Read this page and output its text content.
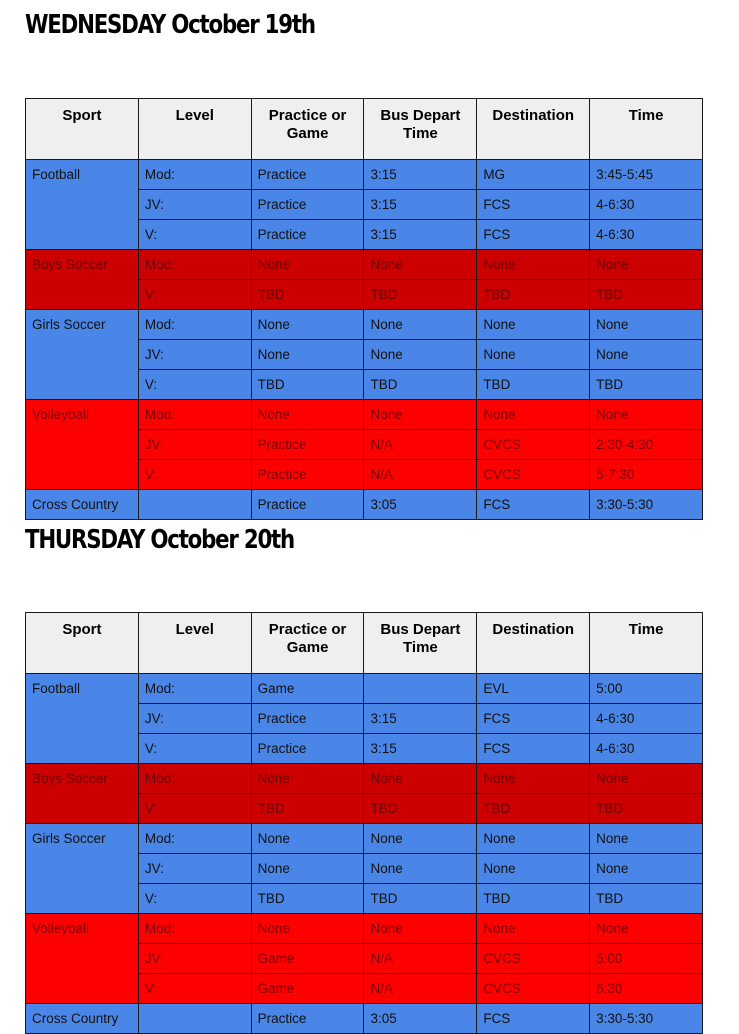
WEDNESDAY October 19th
Sport	Level	Practice or Game	Bus Depart Time	Destination	Time
Football	Mod:	Practice	3:15	MG	3:45-5:45
	JV:	Practice	3:15	FCS	4-6:30
	V:	Practice	3:15	FCS	4-6:30
Boys Soccer	Mod:	None	None	None	None
	V:	TBD	TBD	TBD	TBD
Girls Soccer	Mod:	None	None	None	None
	JV:	None	None	None	None
	V:	TBD	TBD	TBD	TBD
Volleyball	Mod:	None	None	None	None
	JV:	Practice	N/A	CVCS	2:30-4:30
	V:	Practice	N/A	CVCS	5-7:30
Cross Country		Practice	3:05	FCS	3:30-5:30
THURSDAY October 20th
Sport	Level	Practice or Game	Bus Depart Time	Destination	Time
Football	Mod:	Game		EVL	5:00
	JV:	Practice	3:15	FCS	4-6:30
	V:	Practice	3:15	FCS	4-6:30
Boys Soccer	Mod:	None	None	None	None
	V:	TBD	TBD	TBD	TBD
Girls Soccer	Mod:	None	None	None	None
	JV:	None	None	None	None
	V:	TBD	TBD	TBD	TBD
Volleyball	Mod:	None	None	None	None
	JV:	Game	N/A	CVCS	5:00
	V:	Game	N/A	CVCS	6:30
Cross Country		Practice	3:05	FCS	3:30-5:30
